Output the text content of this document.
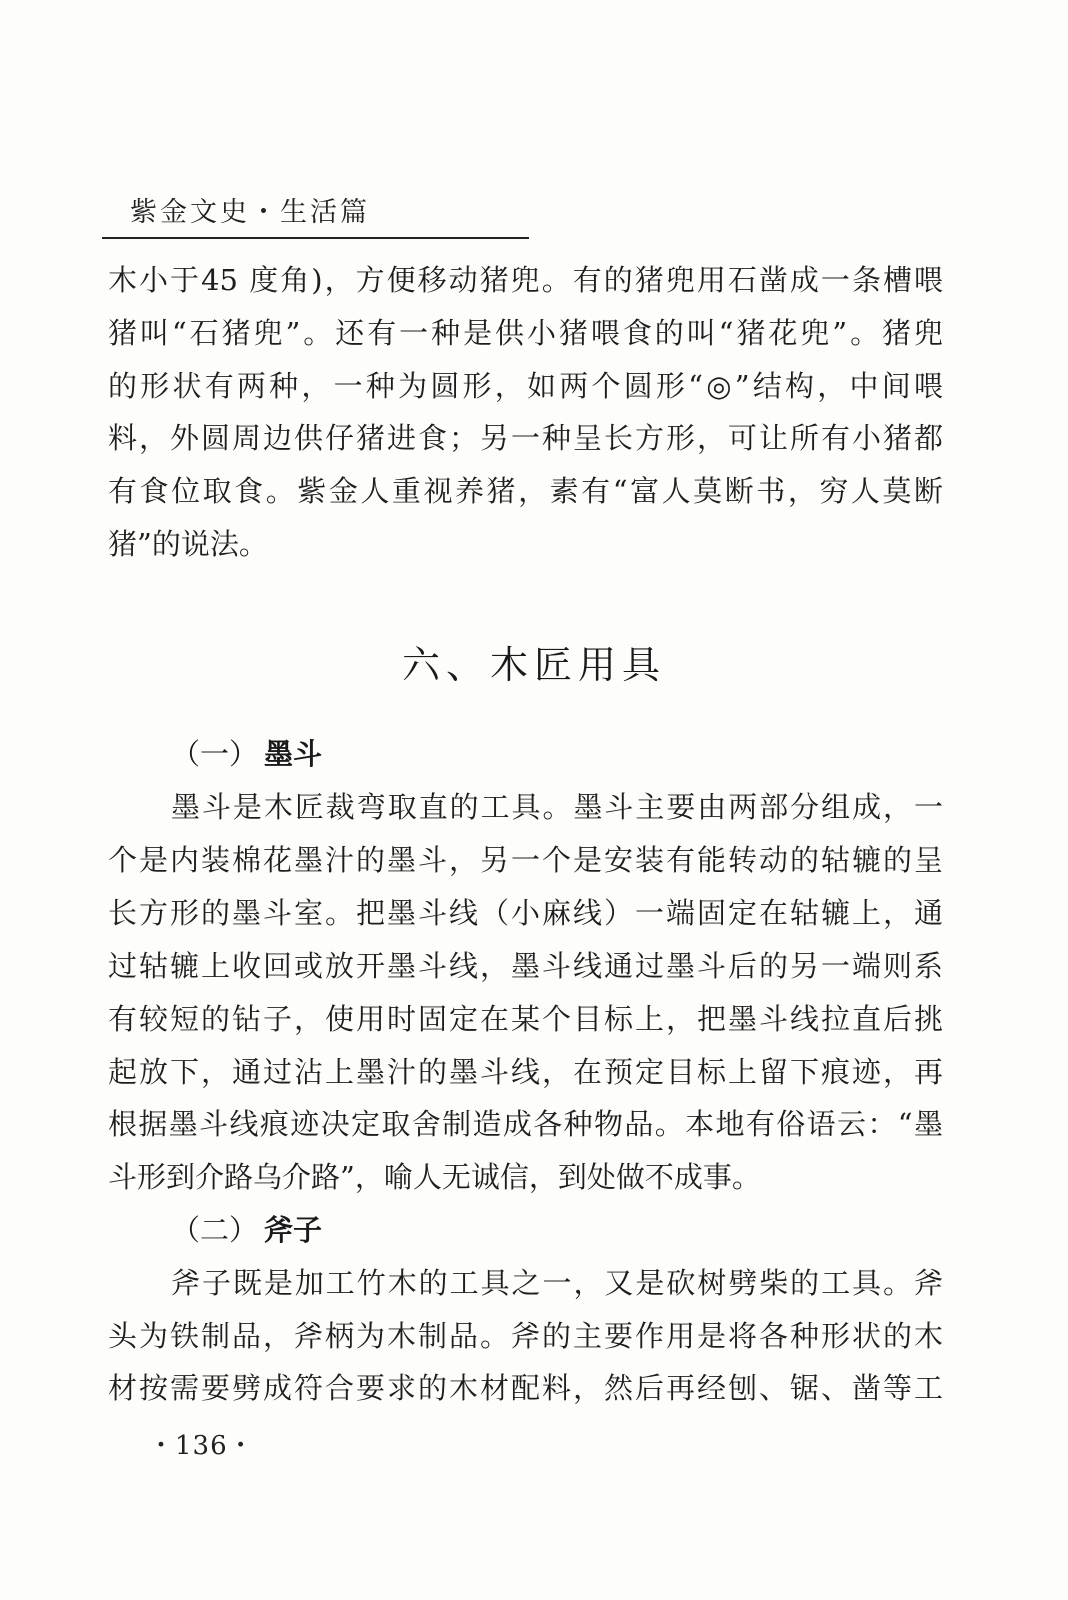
紫金文史・生活篇
木小于45 度角)，方便移动猪兜。有的猪兜用石凿成一条槽喂
猪叫“石猪兜”。还有一种是供小猪喂食的叫“猪花兜”。猪兜
的形状有两种，一种为圆形，如两个圆形“◎”结构，中间喂
料，外圆周边供仔猪进食；另一种呈长方形，可让所有小猪都
有食位取食。紫金人重视养猪，素有“富人莫断书，穷人莫断
猪”的说法。
六、木匠用具
（一） 墨斗
墨斗是木匠裁弯取直的工具。墨斗主要由两部分组成，一
个是内装棉花墨汁的墨斗，另一个是安装有能转动的轱辘的呈
长方形的墨斗室。把墨斗线（小麻线）一端固定在轱辘上，通
过轱辘上收回或放开墨斗线，墨斗线通过墨斗后的另一端则系
有较短的钻子，使用时固定在某个目标上，把墨斗线拉直后挑
起放下，通过沾上墨汁的墨斗线，在预定目标上留下痕迹，再
根据墨斗线痕迹决定取舍制造成各种物品。本地有俗语云：“墨
斗形到介路乌介路”，喻人无诚信，到处做不成事。
（二） 斧子
斧子既是加工竹木的工具之一，又是砍树劈柴的工具。斧
头为铁制品，斧柄为木制品。斧的主要作用是将各种形状的木
材按需要劈成符合要求的木材配料，然后再经刨、锯、凿等工
・136・
